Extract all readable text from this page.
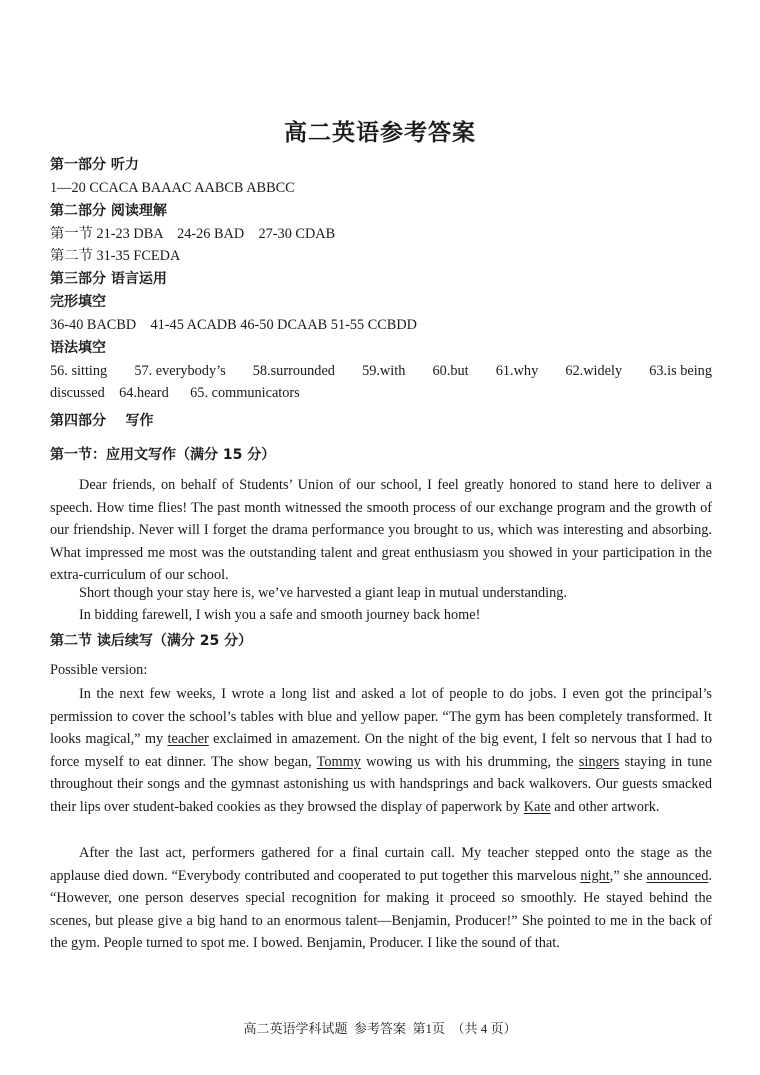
高二英语参考答案
第一部分 听力
1—20 CCACA BAAAC AABCB ABBCC
第二部分 阅读理解
第一节 21-23 DBA    24-26 BAD    27-30 CDAB
第二节 31-35 FCEDA
第三部分 语言运用
完形填空
36-40 BACBD    41-45 ACADB 46-50 DCAAB 51-55 CCBDD
语法填空
56. sitting 57. everybody’s 58.surrounded 59.with 60.but 61.why 62.widely 63.is being
discussed    64.heard      65. communicators
第四部分    写作
第一节：应用文写作（满分 15 分）
Dear friends, on behalf of Students’ Union of our school, I feel greatly honored to stand here to deliver a speech. How time flies! The past month witnessed the smooth process of our exchange program and the growth of our friendship. Never will I forget the drama performance you brought to us, which was interesting and absorbing. What impressed me most was the outstanding talent and great enthusiasm you showed in your participation in the extra-curriculum of our school.
Short though your stay here is, we’ve harvested a giant leap in mutual understanding.
In bidding farewell, I wish you a safe and smooth journey back home!
第二节 读后续写（满分 25 分）
Possible version:
In the next few weeks, I wrote a long list and asked a lot of people to do jobs. I even got the principal’s permission to cover the school’s tables with blue and yellow paper. “The gym has been completely transformed. It looks magical,” my teacher exclaimed in amazement. On the night of the big event, I felt so nervous that I had to force myself to eat dinner. The show began, Tommy wowing us with his drumming, the singers staying in tune throughout their songs and the gymnast astonishing us with handsprings and back walkovers. Our guests smacked their lips over student-baked cookies as they browsed the display of paperwork by Kate and other artwork.
After the last act, performers gathered for a final curtain call. My teacher stepped onto the stage as the applause died down. “Everybody contributed and cooperated to put together this marvelous night,” she announced. “However, one person deserves special recognition for making it proceed so smoothly. He stayed behind the scenes, but please give a big hand to an enormous talent—Benjamin, Producer!” She pointed to me in the back of the gym. People turned to spot me. I bowed. Benjamin, Producer. I like the sound of that.
高二英语学科试题  参考答案  第1页  （共 4 页）
